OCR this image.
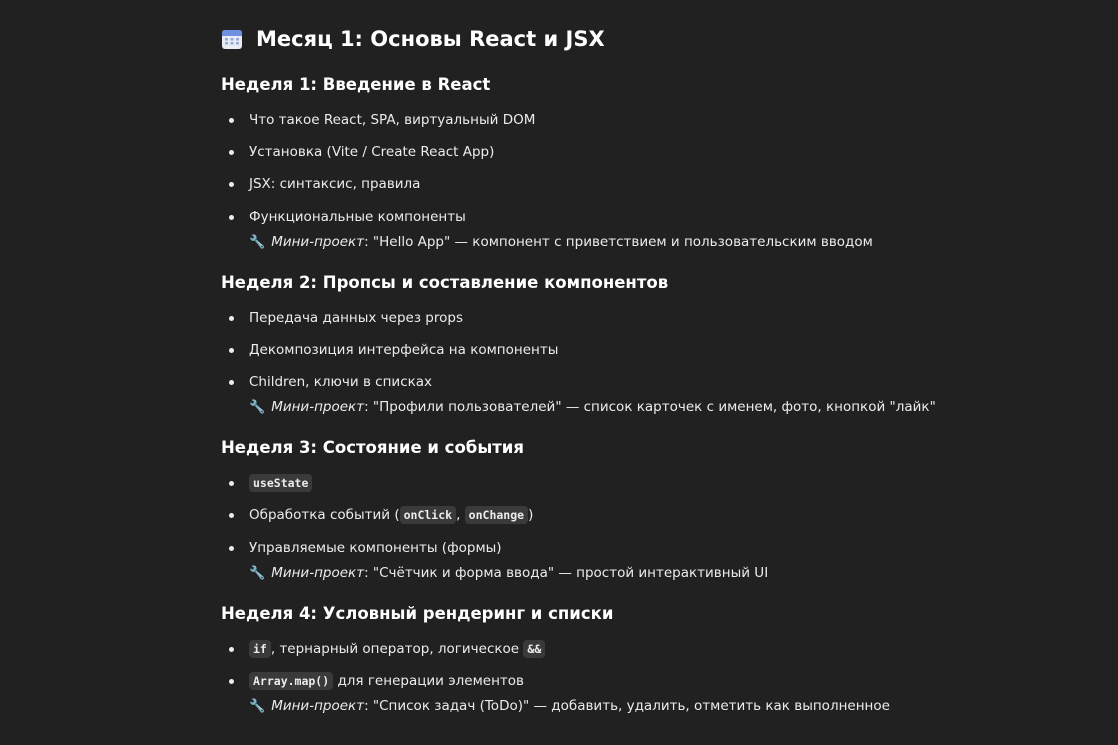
Месяц 1: Основы React и JSX
Неделя 1: Введение в React
Что такое React, SPA, виртуальный DOM
Установка (Vite / Create React App)
JSX: синтаксис, правила
Функциональные компоненты
🔧 Мини-проект: "Hello App" — компонент с приветствием и пользовательским вводом
Неделя 2: Пропсы и составление компонентов
Передача данных через props
Декомпозиция интерфейса на компоненты
Children, ключи в списках
🔧 Мини-проект: "Профили пользователей" — список карточек с именем, фото, кнопкой "лайк"
Неделя 3: Состояние и события
useState
Обработка событий ( onClick , onChange )
Управляемые компоненты (формы)
🔧 Мини-проект: "Счётчик и форма ввода" — простой интерактивный UI
Неделя 4: Условный рендеринг и списки
if , тернарный оператор, логическое &&
Array.map() для генерации элементов
🔧 Мини-проект: "Список задач (ToDo)" — добавить, удалить, отметить как выполненное
